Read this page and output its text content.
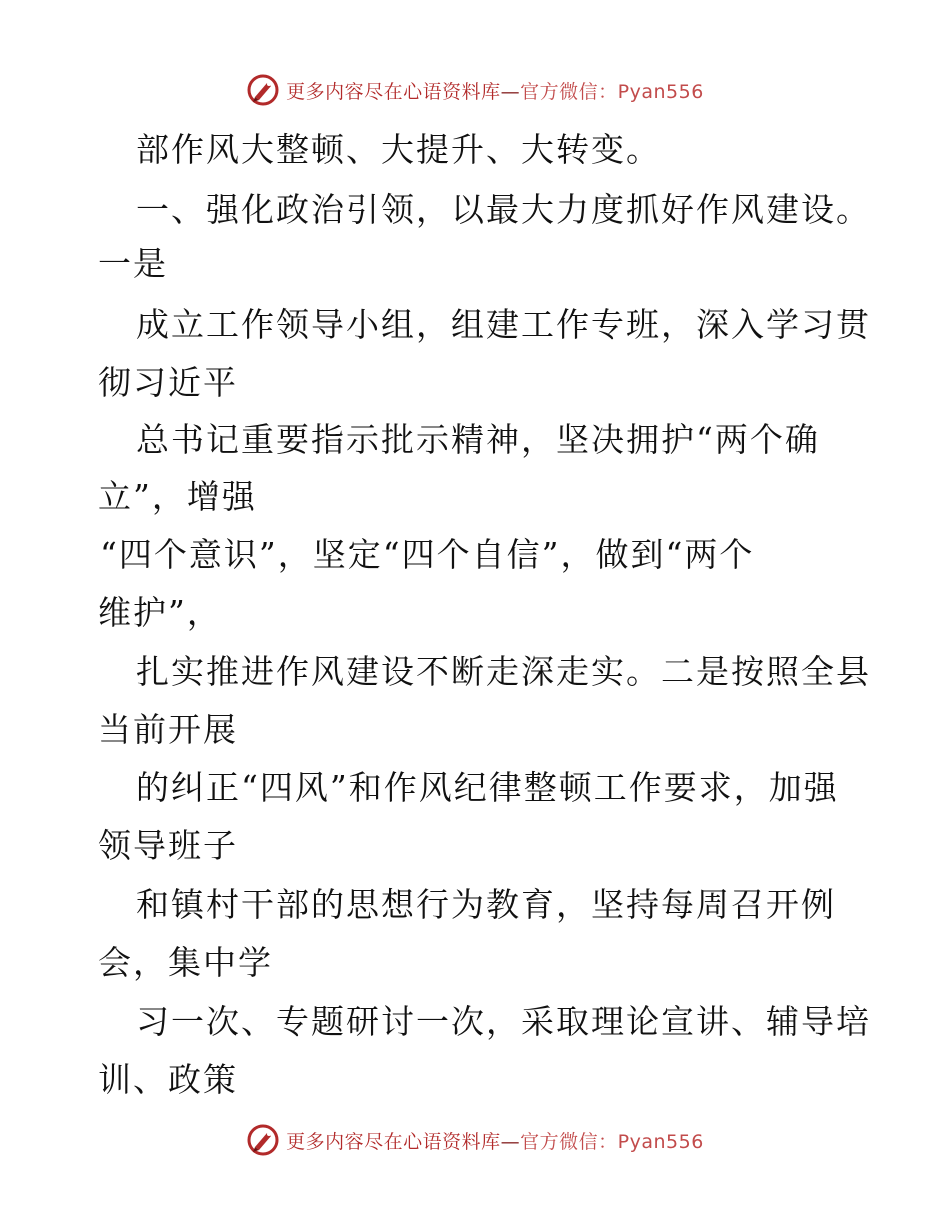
更多内容尽在心语资料库—官方微信：Pyan556
部作风大整顿、大提升、大转变。
一、强化政治引领，以最大力度抓好作风建设。
一是
成立工作领导小组，组建工作专班，深入学习贯
彻习近平
总书记重要指示批示精神，坚决拥护“两个确
立”，增强
“四个意识”，坚定“四个自信”，做到“两个
维护”，
扎实推进作风建设不断走深走实。二是按照全县
当前开展
的纠正“四风”和作风纪律整顿工作要求，加强
领导班子
和镇村干部的思想行为教育，坚持每周召开例
会，集中学
习一次、专题研讨一次，采取理论宣讲、辅导培
训、政策
更多内容尽在心语资料库—官方微信：Pyan556
